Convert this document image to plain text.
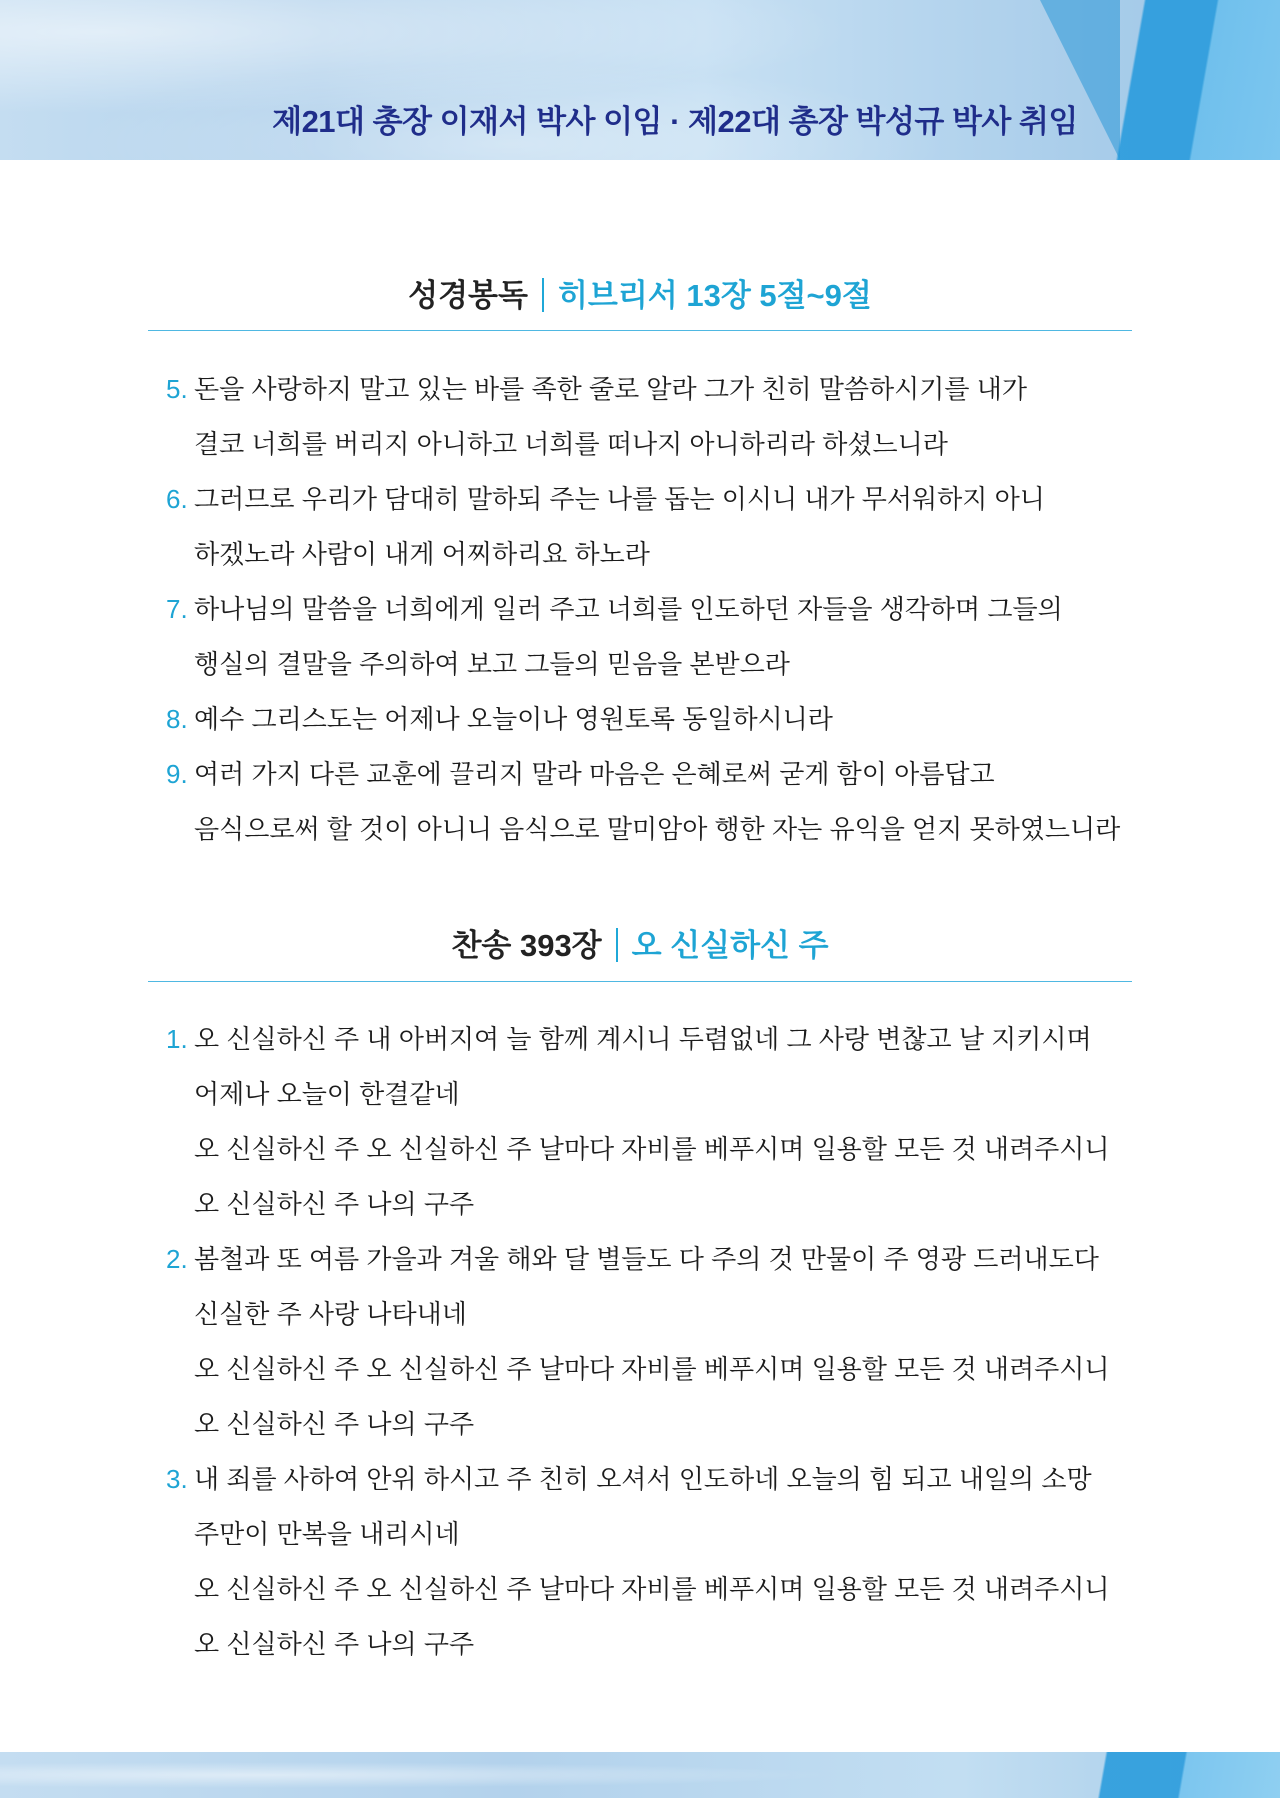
제21대 총장 이재서 박사 이임 · 제22대 총장 박성규 박사 취임
성경봉독 히브리서 13장 5절~9절
5. 돈을 사랑하지 말고 있는 바를 족한 줄로 알라 그가 친히 말씀하시기를 내가
결코 너희를 버리지 아니하고 너희를 떠나지 아니하리라 하셨느니라
6. 그러므로 우리가 담대히 말하되 주는 나를 돕는 이시니 내가 무서워하지 아니
하겠노라 사람이 내게 어찌하리요 하노라
7. 하나님의 말씀을 너희에게 일러 주고 너희를 인도하던 자들을 생각하며 그들의
행실의 결말을 주의하여 보고 그들의 믿음을 본받으라
8. 예수 그리스도는 어제나 오늘이나 영원토록 동일하시니라
9. 여러 가지 다른 교훈에 끌리지 말라 마음은 은혜로써 굳게 함이 아름답고
음식으로써 할 것이 아니니 음식으로 말미암아 행한 자는 유익을 얻지 못하였느니라
찬송 393장 오 신실하신 주
1. 오 신실하신 주 내 아버지여 늘 함께 계시니 두렴없네 그 사랑 변찮고 날 지키시며
어제나 오늘이 한결같네
오 신실하신 주 오 신실하신 주 날마다 자비를 베푸시며 일용할 모든 것 내려주시니
오 신실하신 주 나의 구주
2. 봄철과 또 여름 가을과 겨울 해와 달 별들도 다 주의 것 만물이 주 영광 드러내도다
신실한 주 사랑 나타내네
오 신실하신 주 오 신실하신 주 날마다 자비를 베푸시며 일용할 모든 것 내려주시니
오 신실하신 주 나의 구주
3. 내 죄를 사하여 안위 하시고 주 친히 오셔서 인도하네 오늘의 힘 되고 내일의 소망
주만이 만복을 내리시네
오 신실하신 주 오 신실하신 주 날마다 자비를 베푸시며 일용할 모든 것 내려주시니
오 신실하신 주 나의 구주
